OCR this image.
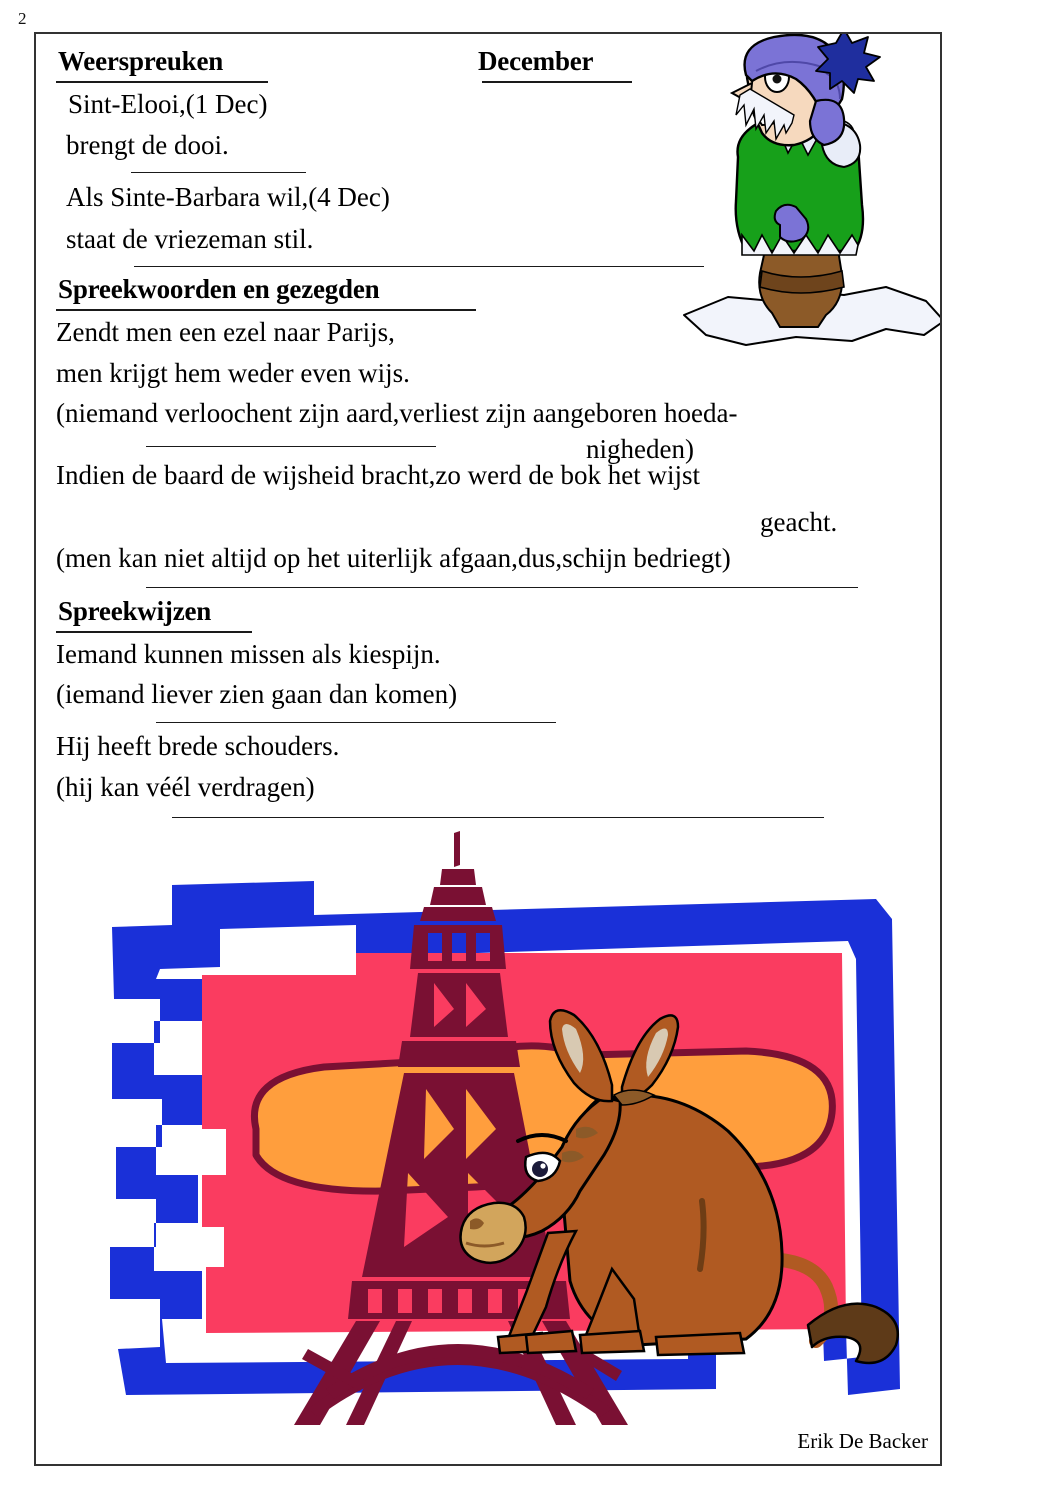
2
Weerspreuken	December
Sint-Elooi,(1 Dec)
brengt de dooi.
Als Sinte-Barbara wil,(4 Dec)
staat de vriezeman stil.
Spreekwoorden en gezegden
Zendt men een ezel naar Parijs,
men krijgt hem weder even wijs.
(niemand verloochent zijn aard,verliest zijn aangeboren hoeda-
nigheden)
Indien de baard de wijsheid bracht,zo werd de bok het wijst
geacht.
(men kan niet altijd op het uiterlijk afgaan,dus,schijn bedriegt)
Spreekwijzen
Iemand kunnen missen als kiespijn.
(iemand liever zien gaan dan komen)
Hij heeft brede schouders.
(hij kan véél verdragen)
Erik De Backer
